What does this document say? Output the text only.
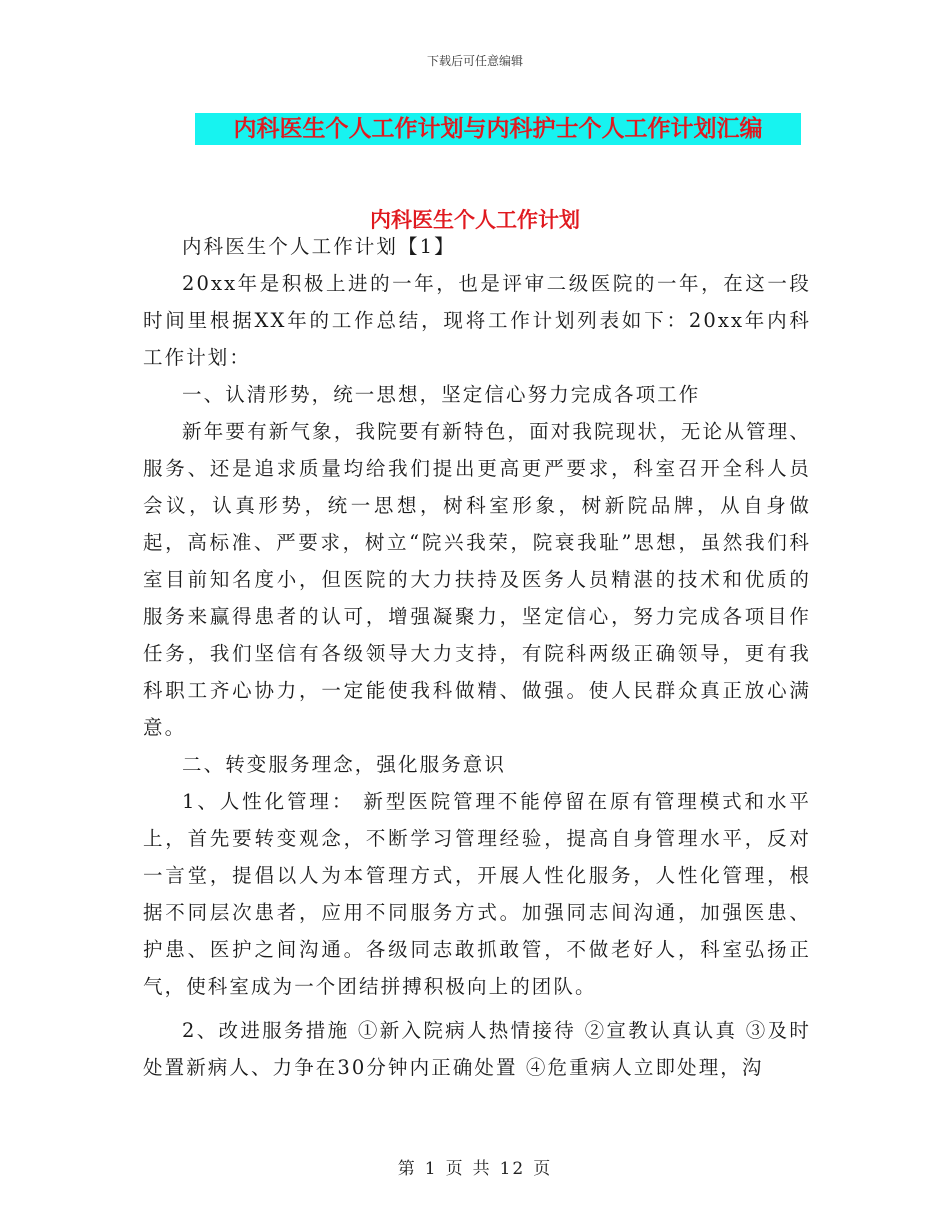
下载后可任意编辑
内科医生个人工作计划与内科护士个人工作计划汇编
内科医生个人工作计划

内科医生个人工作计划【1】

20xx年是积极上进的一年，也是评审二级医院的一年，在这一段时间里根据XX年的工作总结，现将工作计划列表如下：20xx年内科工作计划：

一、认清形势，统一思想，坚定信心努力完成各项工作

新年要有新气象，我院要有新特色，面对我院现状，无论从管理、服务、还是追求质量均给我们提出更高更严要求，科室召开全科人员会议，认真形势，统一思想，树科室形象，树新院品牌，从自身做起，高标准、严要求，树立“院兴我荣，院衰我耻”思想，虽然我们科室目前知名度小，但医院的大力扶持及医务人员精湛的技术和优质的服务来赢得患者的认可，增强凝聚力，坚定信心，努力完成各项目作任务，我们坚信有各级领导大力支持，有院科两级正确领导，更有我科职工齐心协力，一定能使我科做精、做强。使人民群众真正放心满意。

二、转变服务理念，强化服务意识

1、人性化管理： 新型医院管理不能停留在原有管理模式和水平上，首先要转变观念，不断学习管理经验，提高自身管理水平，反对一言堂，提倡以人为本管理方式，开展人性化服务，人性化管理，根据不同层次患者，应用不同服务方式。加强同志间沟通，加强医患、护患、医护之间沟通。各级同志敢抓敢管，不做老好人，科室弘扬正气，使科室成为一个团结拼搏积极向上的团队。

2、改进服务措施 ①新入院病人热情接待 ②宣教认真认真 ③及时处置新病人、力争在30分钟内正确处置 ④危重病人立即处理，沟

第 1 页 共 12 页
